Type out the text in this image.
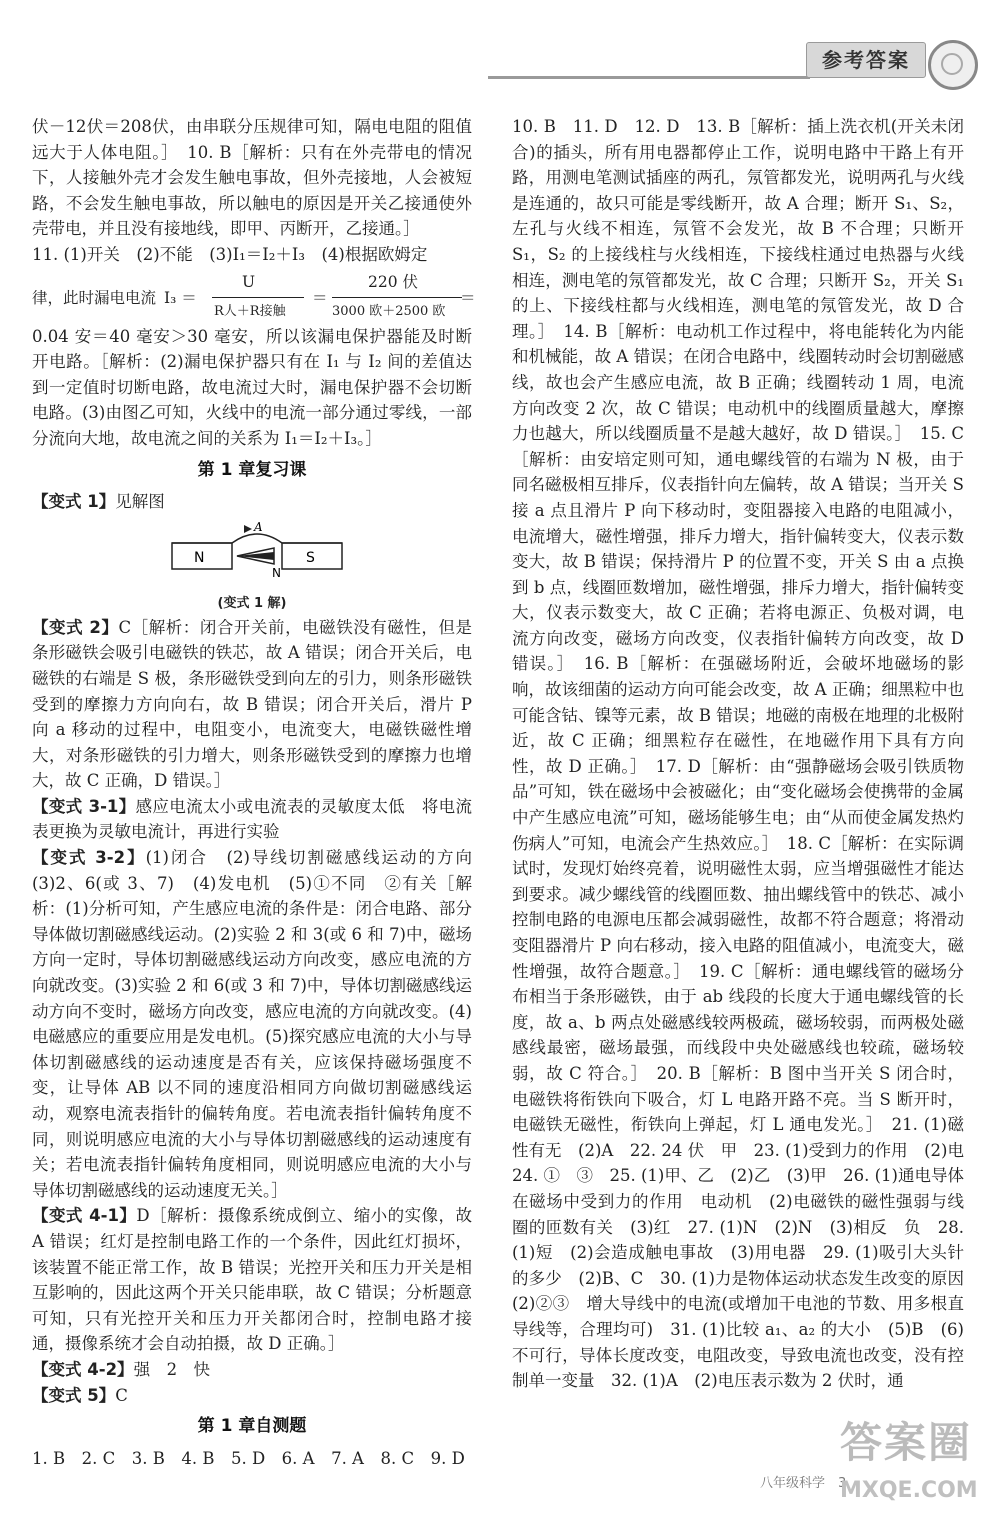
参考答案

伏－12伏＝208伏，由串联分压规律可知，隔电电阻的阻值远大于人体电阻。］　10. B［解析：只有在外壳带电的情况下，人接触外壳才会发生触电事故，但外壳接地，人会被短路，不会发生触电事故，所以触电的原因是开关乙接通使外壳带电，并且没有接地线，即甲、丙断开，乙接通。］

11. (1)开关　(2)不能　(3)I₁＝I₂＋I₃　(4)根据欧姆定

律，此时漏电电流 I₃ ＝
U
R人＋R接触
＝
220 伏
3000 欧＋2500 欧
＝

0.04 安＝40 毫安＞30 毫安，所以该漏电保护器能及时断开电路。［解析：(2)漏电保护器只有在 I₁ 与 I₂ 间的差值达到一定值时切断电路，故电流过大时，漏电保护器不会切断电路。(3)由图乙可知，火线中的电流一部分通过零线，一部分流向大地，故电流之间的关系为 I₁＝I₂＋I₃。］

第 1 章复习课

【变式 1】见解图

N	S
A
N
(变式 1 解)

【变式 2】C［解析：闭合开关前，电磁铁没有磁性，但是条形磁铁会吸引电磁铁的铁芯，故 A 错误；闭合开关后，电磁铁的右端是 S 极，条形磁铁受到向左的引力，则条形磁铁受到的摩擦力方向向右，故 B 错误；闭合开关后，滑片 P 向 a 移动的过程中，电阻变小，电流变大，电磁铁磁性增大，对条形磁铁的引力增大，则条形磁铁受到的摩擦力也增大，故 C 正确，D 错误。］

【变式 3-1】感应电流太小或电流表的灵敏度太低　将电流表更换为灵敏电流计，再进行实验

【变式 3-2】(1)闭合　(2)导线切割磁感线运动的方向　(3)2、6(或 3、7)　(4)发电机　(5)①不同　②有关［解析：(1)分析可知，产生感应电流的条件是：闭合电路、部分导体做切割磁感线运动。(2)实验 2 和 3(或 6 和 7)中，磁场方向一定时，导体切割磁感线运动方向改变，感应电流的方向就改变。(3)实验 2 和 6(或 3 和 7)中，导体切割磁感线运动方向不变时，磁场方向改变，感应电流的方向就改变。(4)电磁感应的重要应用是发电机。(5)探究感应电流的大小与导体切割磁感线的运动速度是否有关，应该保持磁场强度不变，让导体 AB 以不同的速度沿相同方向做切割磁感线运动，观察电流表指针的偏转角度。若电流表指针偏转角度不同，则说明感应电流的大小与导体切割磁感线的运动速度有关；若电流表指针偏转角度相同，则说明感应电流的大小与导体切割磁感线的运动速度无关。］

【变式 4-1】D［解析：摄像系统成倒立、缩小的实像，故 A 错误；红灯是控制电路工作的一个条件，因此红灯损坏，该装置不能正常工作，故 B 错误；光控开关和压力开关是相互影响的，因此这两个开关只能串联，故 C 错误；分析题意可知，只有光控开关和压力开关都闭合时，控制电路才接通，摄像系统才会自动拍摄，故 D 正确。］

【变式 4-2】强　2　快

【变式 5】C

第 1 章自测题

1. B　2. C　3. B　4. B　5. D　6. A　7. A　8. C　9. D

10. B　11. D　12. D　13. B［解析：插上洗衣机(开关未闭合)的插头，所有用电器都停止工作，说明电路中干路上有开路，用测电笔测试插座的两孔，氖管都发光，说明两孔与火线是连通的，故只可能是零线断开，故 A 合理；断开 S₁、S₂，左孔与火线不相连，氖管不会发光，故 B 不合理；只断开 S₁，S₂ 的上接线柱与火线相连，下接线柱通过电热器与火线相连，测电笔的氖管都发光，故 C 合理；只断开 S₂，开关 S₁ 的上、下接线柱都与火线相连，测电笔的氖管发光，故 D 合理。］　14. B［解析：电动机工作过程中，将电能转化为内能和机械能，故 A 错误；在闭合电路中，线圈转动时会切割磁感线，故也会产生感应电流，故 B 正确；线圈转动 1 周，电流方向改变 2 次，故 C 错误；电动机中的线圈质量越大，摩擦力也越大，所以线圈质量不是越大越好，故 D 错误。］　15. C［解析：由安培定则可知，通电螺线管的右端为 N 极，由于同名磁极相互排斥，仪表指针向左偏转，故 A 错误；当开关 S 接 a 点且滑片 P 向下移动时，变阻器接入电路的电阻减小，电流增大，磁性增强，排斥力增大，指针偏转变大，仪表示数变大，故 B 错误；保持滑片 P 的位置不变，开关 S 由 a 点换到 b 点，线圈匝数增加，磁性增强，排斥力增大，指针偏转变大，仪表示数变大，故 C 正确；若将电源正、负极对调，电流方向改变，磁场方向改变，仪表指针偏转方向改变，故 D 错误。］　16. B［解析：在强磁场附近，会破坏地磁场的影响，故该细菌的运动方向可能会改变，故 A 正确；细黑粒中也可能含钴、镍等元素，故 B 错误；地磁的南极在地理的北极附近，故 C 正确；细黑粒存在磁性，在地磁作用下具有方向性，故 D 正确。］　17. D［解析：由“强静磁场会吸引铁质物品”可知，铁在磁场中会被磁化；由“变化磁场会使携带的金属中产生感应电流”可知，磁场能够生电；由“从而使金属发热灼伤病人”可知，电流会产生热效应。］　18. C［解析：在实际调试时，发现灯始终亮着，说明磁性太弱，应当增强磁性才能达到要求。减少螺线管的线圈匝数、抽出螺线管中的铁芯、减小控制电路的电源电压都会减弱磁性，故都不符合题意；将滑动变阻器滑片 P 向右移动，接入电路的阻值减小，电流变大，磁性增强，故符合题意。］　19. C［解析：通电螺线管的磁场分布相当于条形磁铁，由于 ab 线段的长度大于通电螺线管的长度，故 a、b 两点处磁感线较两极疏，磁场较弱，而两极处磁感线最密，磁场最强，而线段中央处磁感线也较疏，磁场较弱，故 C 符合。］　20. B［解析：B 图中当开关 S 闭合时，电磁铁将衔铁向下吸合，灯 L 电路开路不亮。当 S 断开时，电磁铁无磁性，衔铁向上弹起，灯 L 通电发光。］　21. (1)磁性有无　(2)A　22. 24 伏　甲　23. (1)受到力的作用　(2)电　24. ①　③　25. (1)甲、乙　(2)乙　(3)甲　26. (1)通电导体在磁场中受到力的作用　电动机　(2)电磁铁的磁性强弱与线圈的匝数有关　(3)红　27. (1)N　(2)N　(3)相反　负　28. (1)短　(2)会造成触电事故　(3)用电器　29. (1)吸引大头针的多少　(2)B、C　30. (1)力是物体运动状态发生改变的原因　(2)②③　增大导线中的电流(或增加干电池的节数、用多根直导线等，合理均可)　31. (1)比较 a₁、a₂ 的大小　(5)B　(6)不可行，导体长度改变，电阻改变，导致电流也改变，没有控制单一变量　32. (1)A　(2)电压表示数为 2 伏时，通

八年级科学　3
答案圈
MXQE.COM
